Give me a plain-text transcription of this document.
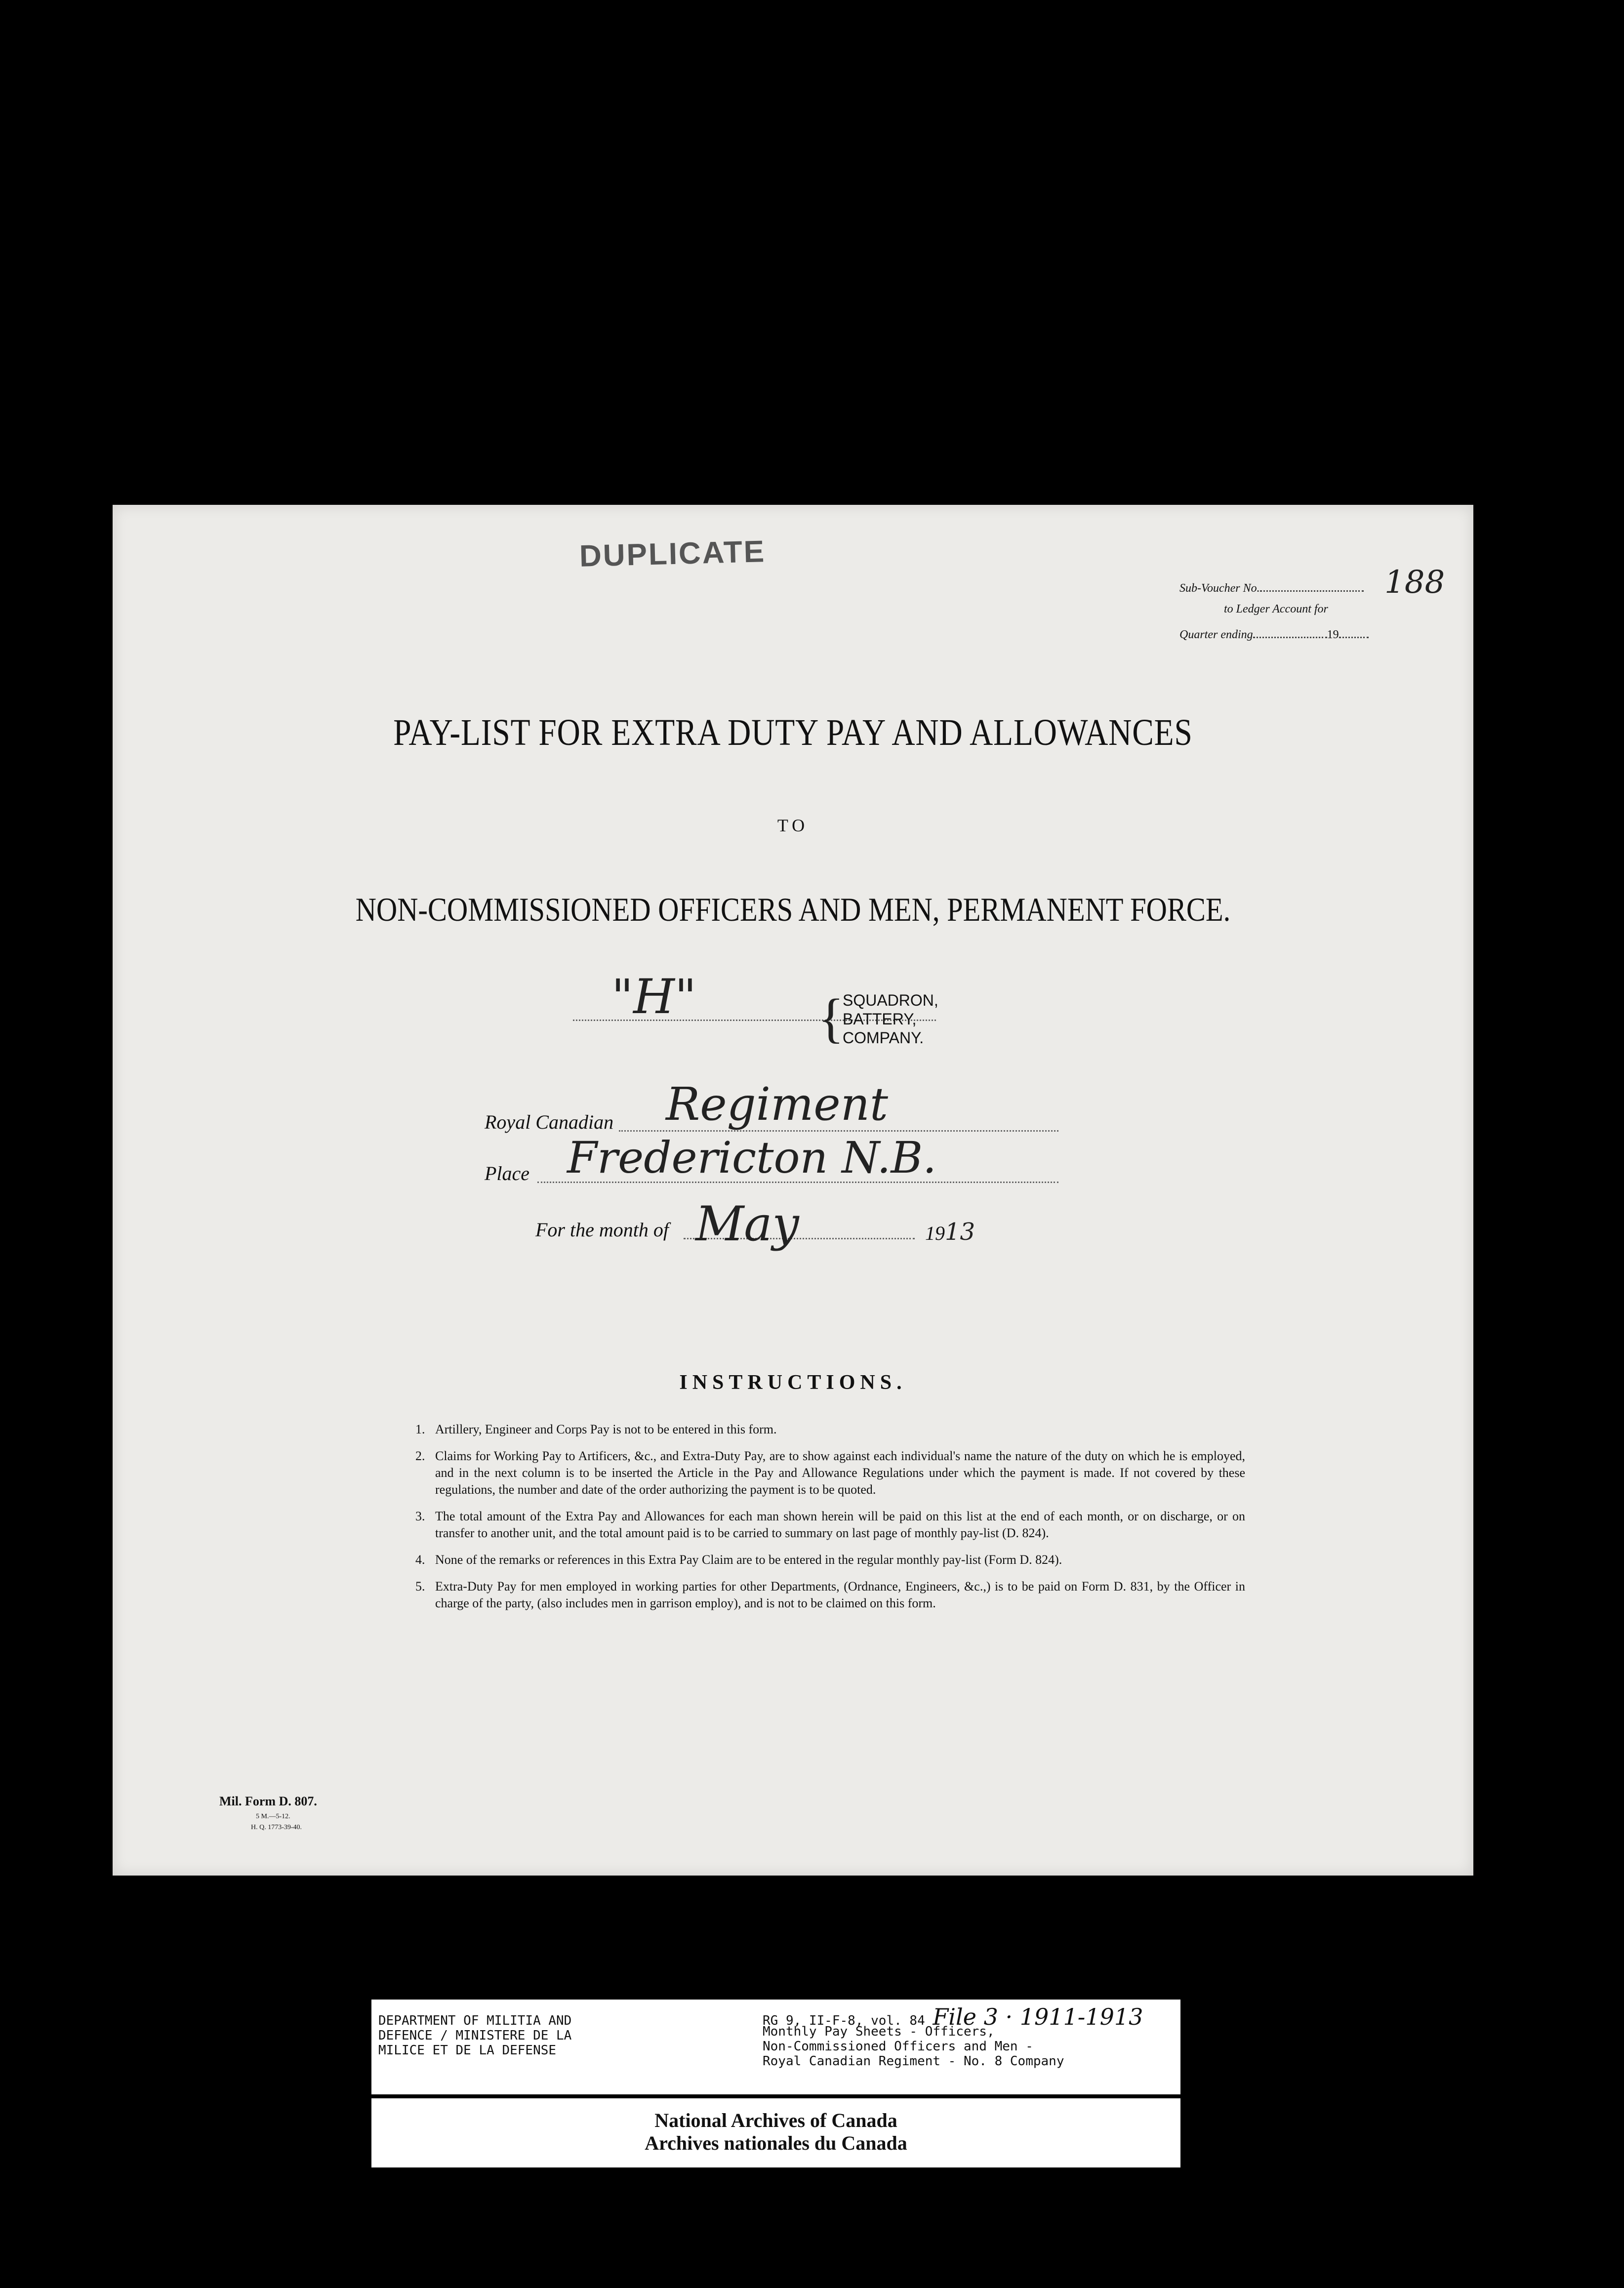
DUPLICATE
Sub-Voucher No.	188
to Ledger Account for
Quarter ending	19
PAY-LIST FOR EXTRA DUTY PAY AND ALLOWANCES
TO
NON-COMMISSIONED OFFICERS AND MEN, PERMANENT FORCE.
"H" {
SQUADRON,
BATTERY,
COMPANY.
Royal Canadian Regiment
Place Fredericton N.B.
For the month of May	1913
INSTRUCTIONS.
1. Artillery, Engineer and Corps Pay is not to be entered in this form.
2. Claims for Working Pay to Artificers, &c., and Extra-Duty Pay, are to show against each individual's name the nature of the duty on which he is employed, and in the next column is to be inserted the Article in the Pay and Allowance Regulations under which the payment is made. If not covered by these regulations, the number and date of the order authorizing the payment is to be quoted.
3. The total amount of the Extra Pay and Allowances for each man shown herein will be paid on this list at the end of each month, or on discharge, or on transfer to another unit, and the total amount paid is to be carried to summary on last page of monthly pay-list (D. 824).
4. None of the remarks or references in this Extra Pay Claim are to be entered in the regular monthly pay-list (Form D. 824).
5. Extra-Duty Pay for men employed in working parties for other Departments, (Ordnance, Engineers, &c.,) is to be paid on Form D. 831, by the Officer in charge of the party, (also includes men in garrison employ), and is not to be claimed on this form.
Mil. Form D. 807.
5 M.—5-12.
H. Q. 1773-39-40.
DEPARTMENT OF MILITIA AND
DEFENCE / MINISTERE DE LA
MILICE ET DE LA DEFENSE
RG 9, II-F-8, vol. 84 File 3 · 1911-1913
Monthly Pay Sheets - Officers,
Non-Commissioned Officers and Men -
Royal Canadian Regiment - No. 8 Company
National Archives of Canada
Archives nationales du Canada
